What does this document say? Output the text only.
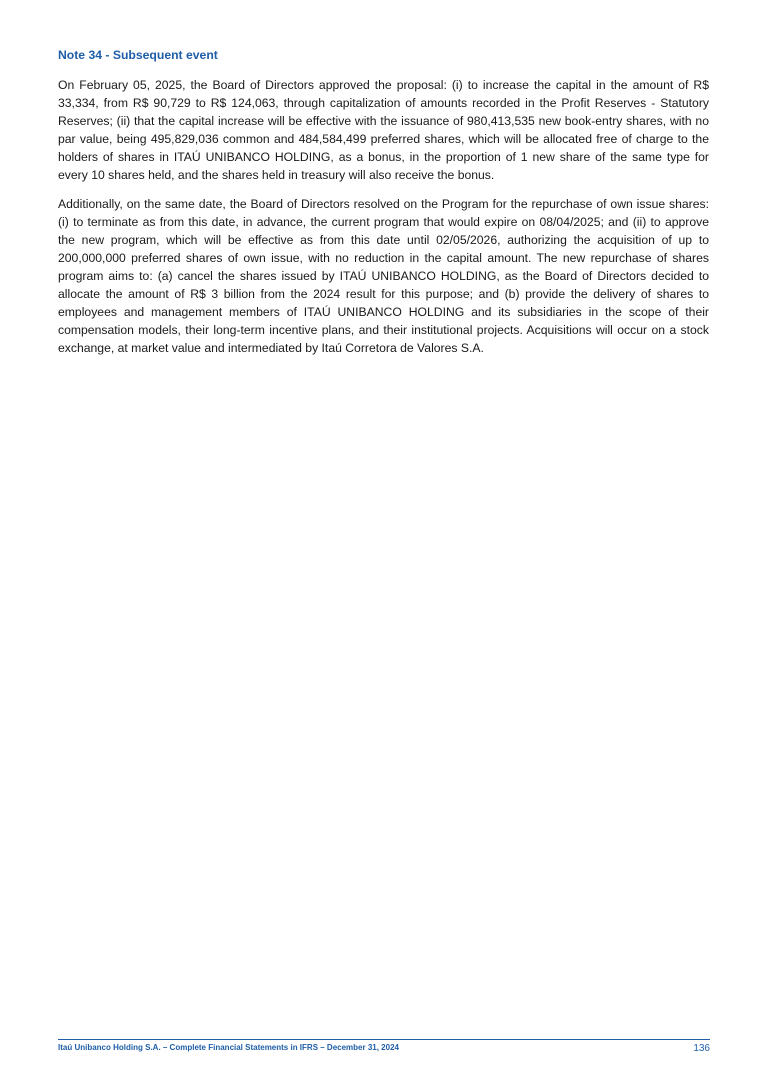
Note 34 - Subsequent event

On February 05, 2025, the Board of Directors approved the proposal: (i) to increase the capital in the amount of R$ 33,334, from R$ 90,729 to R$ 124,063, through capitalization of amounts recorded in the Profit Reserves - Statutory Reserves; (ii) that the capital increase will be effective with the issuance of 980,413,535 new book-entry shares, with no par value, being 495,829,036 common and 484,584,499 preferred shares, which will be allocated free of charge to the holders of shares in ITAÚ UNIBANCO HOLDING, as a bonus, in the proportion of 1 new share of the same type for every 10 shares held, and the shares held in treasury will also receive the bonus.

Additionally, on the same date, the Board of Directors resolved on the Program for the repurchase of own issue shares: (i) to terminate as from this date, in advance, the current program that would expire on 08/04/2025; and (ii) to approve the new program, which will be effective as from this date until 02/05/2026, authorizing the acquisition of up to 200,000,000 preferred shares of own issue, with no reduction in the capital amount. The new repurchase of shares program aims to: (a) cancel the shares issued by ITAÚ UNIBANCO HOLDING, as the Board of Directors decided to allocate the amount of R$ 3 billion from the 2024 result for this purpose; and (b) provide the delivery of shares to employees and management members of ITAÚ UNIBANCO HOLDING and its subsidiaries in the scope of their compensation models, their long-term incentive plans, and their institutional projects. Acquisitions will occur on a stock exchange, at market value and intermediated by Itaú Corretora de Valores S.A.

Itaú Unibanco Holding S.A. – Complete Financial Statements in IFRS – December 31, 2024	136
